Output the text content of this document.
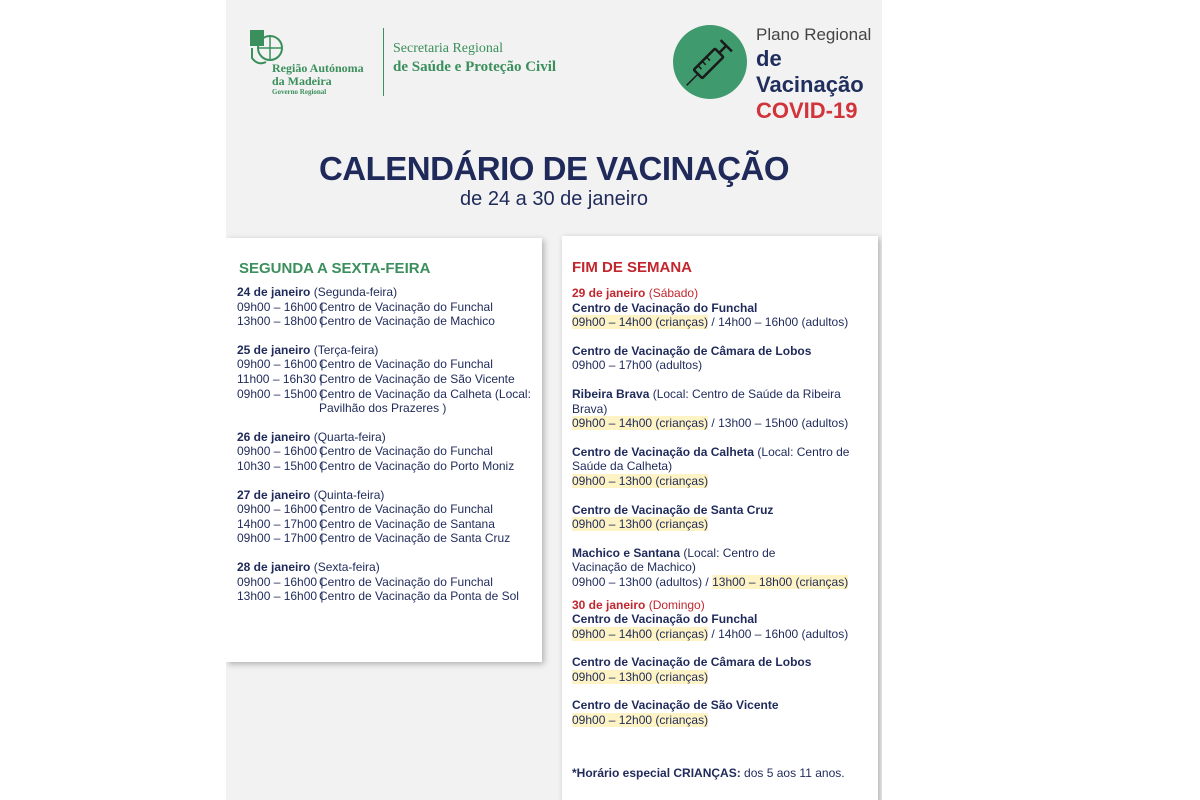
Região Autónoma
da Madeira
Governo Regional
Secretaria Regional
de Saúde e Proteção Civil
Plano Regional
de Vacinação
COVID-19
CALENDÁRIO DE VACINAÇÃO
de 24 a 30 de janeiro
SEGUNDA A SEXTA-FEIRA
24 de janeiro (Segunda-feira)
09h00 – 16h00 |
Centro de Vacinação do Funchal
13h00 – 18h00 |
Centro de Vacinação de Machico
25 de janeiro (Terça-feira)
09h00 – 16h00 |
Centro de Vacinação do Funchal
11h00 – 16h30 |
Centro de Vacinação de São Vicente
09h00 – 15h00 |
Centro de Vacinação da Calheta (Local: Pavilhão dos Prazeres )
26 de janeiro (Quarta-feira)
09h00 – 16h00 |
Centro de Vacinação do Funchal
10h30 – 15h00 |
Centro de Vacinação do Porto Moniz
27 de janeiro (Quinta-feira)
09h00 – 16h00 |
Centro de Vacinação do Funchal
14h00 – 17h00 |
Centro de Vacinação de Santana
09h00 – 17h00 |
Centro de Vacinação de Santa Cruz
28 de janeiro (Sexta-feira)
09h00 – 16h00 |
Centro de Vacinação do Funchal
13h00 – 16h00 |
Centro de Vacinação da Ponta de Sol
FIM DE SEMANA
29 de janeiro (Sábado)
Centro de Vacinação do Funchal
09h00 – 14h00 (crianças) / 14h00 – 16h00 (adultos)
Centro de Vacinação de Câmara de Lobos
09h00 – 17h00 (adultos)
Ribeira Brava (Local: Centro de Saúde da Ribeira Brava)
09h00 – 14h00 (crianças) / 13h00 – 15h00 (adultos)
Centro de Vacinação da Calheta (Local: Centro de Saúde da Calheta)
09h00 – 13h00 (crianças)
Centro de Vacinação de Santa Cruz
09h00 – 13h00 (crianças)
Machico e Santana (Local: Centro de Vacinação de Machico)
09h00 – 13h00 (adultos) / 13h00 – 18h00 (crianças)
30 de janeiro (Domingo)
Centro de Vacinação do Funchal
09h00 – 14h00 (crianças) / 14h00 – 16h00 (adultos)
Centro de Vacinação de Câmara de Lobos
09h00 – 13h00 (crianças)
Centro de Vacinação de São Vicente
09h00 – 12h00 (crianças)
*Horário especial CRIANÇAS: dos 5 aos 11 anos.
